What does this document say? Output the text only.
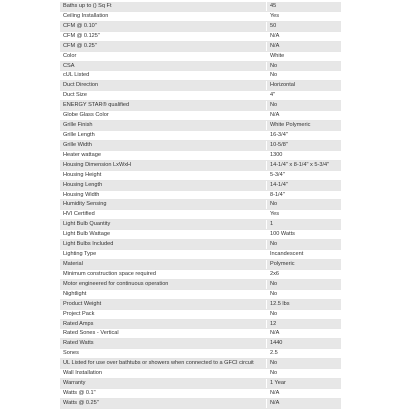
Baths up to () Sq Ft	45
Ceiling Installation	Yes
CFM @ 0.10"	50
CFM @ 0.125"	N/A
CFM @ 0.25"	N/A
Color	White
CSA	No
cUL Listed	No
Duct Direction	Horizontal
Duct Size	4"
ENERGY STAR® qualified	No
Globe Glass Color	N/A
Grille Finish	White Polymeric
Grille Length	16-3/4"
Grille Width	10-5/8"
Heater wattage	1300
Housing Dimension LxWxH	14-1/4" x 8-1/4" x 5-3/4"
Housing Height	5-3/4"
Housing Length	14-1/4"
Housing Width	8-1/4"
Humidity Sensing	No
HVI Certified	Yes
Light Bulb Quantity	1
Light Bulb Wattage	100 Watts
Light Bulbs Included	No
Lighting Type	Incandescent
Material	Polymeric
Minimum construction space required	2x6
Motor engineered for continuous operation	No
Nightlight	No
Product Weight	12.5 lbs
Project Pack	No
Rated Amps	12
Rated Sones - Vertical	N/A
Rated Watts	1440
Sones	2.5
UL Listed for use over bathtubs or showers when connected to a GFCI circuit	No
Wall Installation	No
Warranty	1 Year
Watts @ 0.1"	N/A
Watts @ 0.25"	N/A
